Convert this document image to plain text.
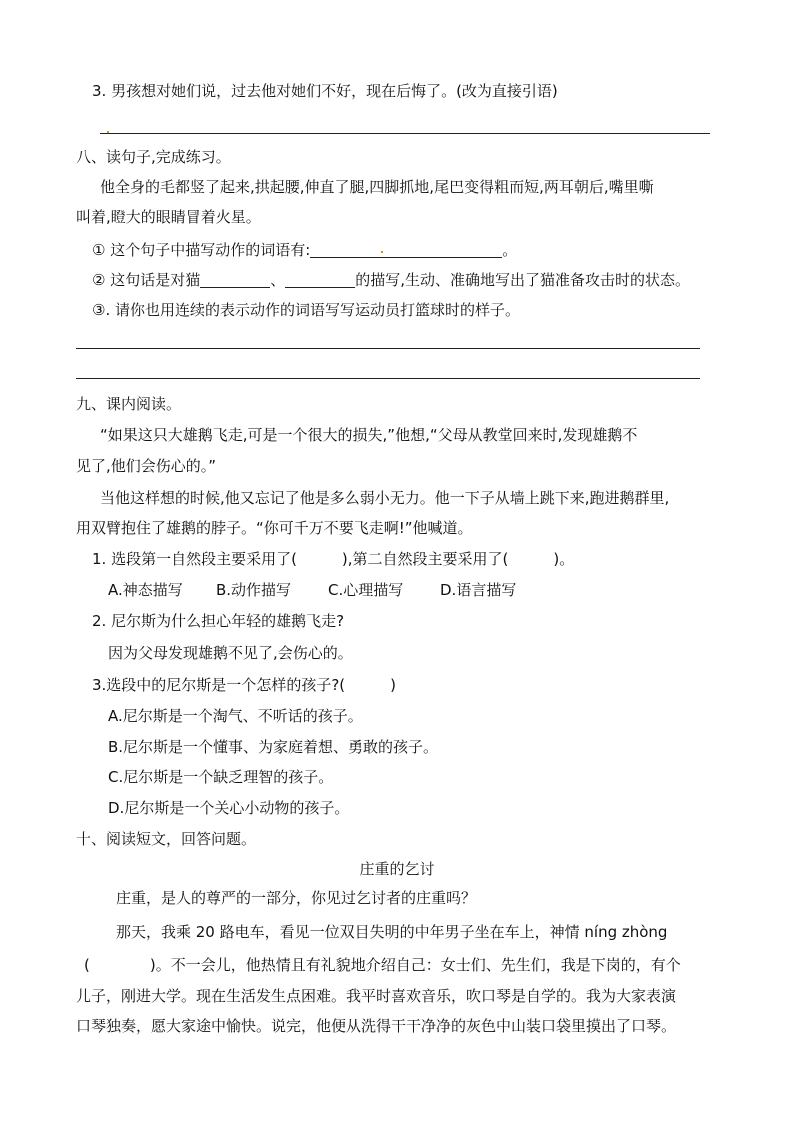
3. 男孩想对她们说，过去他对她们不好，现在后悔了。(改为直接引语)
八、读句子,完成练习。
他全身的毛都竖了起来,拱起腰,伸直了腿,四脚抓地,尾巴变得粗而短,两耳朝后,嘴里嘶
叫着,瞪大的眼睛冒着火星。
① 这个句子中描写动作的词语有:	。
② 这句话是对猫	、	的描写,生动、准确地写出了猫准备攻击时的状态。
③. 请你也用连续的表示动作的词语写写运动员打篮球时的样子。
九、课内阅读。
“如果这只大雄鹅飞走,可是一个很大的损失,”他想,“父母从教堂回来时,发现雄鹅不
见了,他们会伤心的。”
当他这样想的时候,他又忘记了他是多么弱小无力。他一下子从墙上跳下来,跑进鹅群里,
用双臂抱住了雄鹅的脖子。“你可千万不要飞走啊!”他喊道。
1. 选段第一自然段主要采用了(　　　),第二自然段主要采用了(　　　)。
A.神态描写 B.动作描写 C.心理描写 D.语言描写
2. 尼尔斯为什么担心年轻的雄鹅飞走?
因为父母发现雄鹅不见了,会伤心的。
3.选段中的尼尔斯是一个怎样的孩子?(　　　)
A.尼尔斯是一个淘气、不听话的孩子。
B.尼尔斯是一个懂事、为家庭着想、勇敢的孩子。
C.尼尔斯是一个缺乏理智的孩子。
D.尼尔斯是一个关心小动物的孩子。
十、阅读短文，回答问题。
庄重的乞讨
庄重，是人的尊严的一部分，你见过乞讨者的庄重吗？
那天，我乘 20 路电车，看见一位双目失明的中年男子坐在车上，神情 níng zhòng
(　　　　)。不一会儿，他热情且有礼貌地介绍自己：女士们、先生们，我是下岗的，有个
儿子，刚进大学。现在生活发生点困难。我平时喜欢音乐，吹口琴是自学的。我为大家表演
口琴独奏，愿大家途中愉快。说完，他便从洗得干干净净的灰色中山装口袋里摸出了口琴。
